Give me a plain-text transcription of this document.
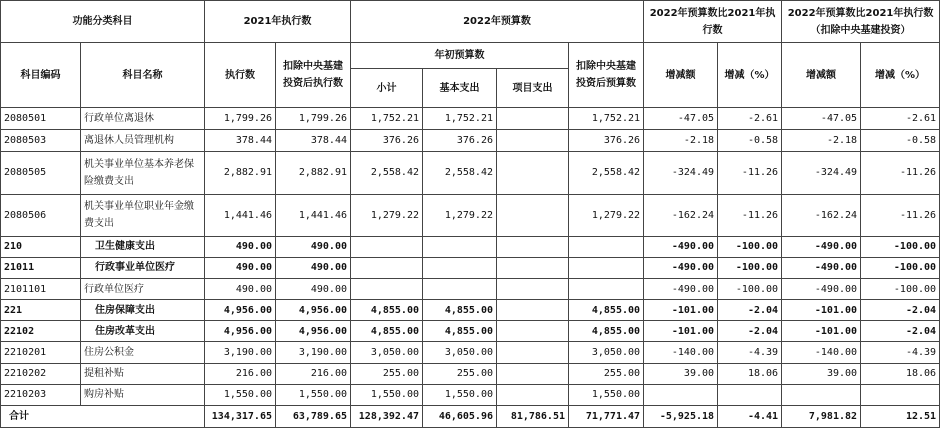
功能分类科目		2021年执行数		2022年预算数				2022年预算数比2021年执行数		2022年预算数比2021年执行数（扣除中央基建投资）	
科目编码	科目名称	执行数	扣除中央基建投资后执行数	年初预算数			扣除中央基建投资后预算数	增减额	增减（%）	增减额	增减（%）
				小计	基本支出	项目支出					
2080501	行政单位离退休	1,799.26	1,799.26	1,752.21	1,752.21		1,752.21	-47.05	-2.61	-47.05	-2.61
2080503	离退休人员管理机构	378.44	378.44	376.26	376.26		376.26	-2.18	-0.58	-2.18	-0.58
2080505	机关事业单位基本养老保险缴费支出	2,882.91	2,882.91	2,558.42	2,558.42		2,558.42	-324.49	-11.26	-324.49	-11.26
2080506	机关事业单位职业年金缴费支出	1,441.46	1,441.46	1,279.22	1,279.22		1,279.22	-162.24	-11.26	-162.24	-11.26
210	卫生健康支出	490.00	490.00					-490.00	-100.00	-490.00	-100.00
21011	行政事业单位医疗	490.00	490.00					-490.00	-100.00	-490.00	-100.00
2101101	行政单位医疗	490.00	490.00					-490.00	-100.00	-490.00	-100.00
221	住房保障支出	4,956.00	4,956.00	4,855.00	4,855.00		4,855.00	-101.00	-2.04	-101.00	-2.04
22102	住房改革支出	4,956.00	4,956.00	4,855.00	4,855.00		4,855.00	-101.00	-2.04	-101.00	-2.04
2210201	住房公积金	3,190.00	3,190.00	3,050.00	3,050.00		3,050.00	-140.00	-4.39	-140.00	-4.39
2210202	提租补贴	216.00	216.00	255.00	255.00		255.00	39.00	18.06	39.00	18.06
2210203	购房补贴	1,550.00	1,550.00	1,550.00	1,550.00		1,550.00				
合计		134,317.65	63,789.65	128,392.47	46,605.96	81,786.51	71,771.47	-5,925.18	-4.41	7,981.82	12.51
